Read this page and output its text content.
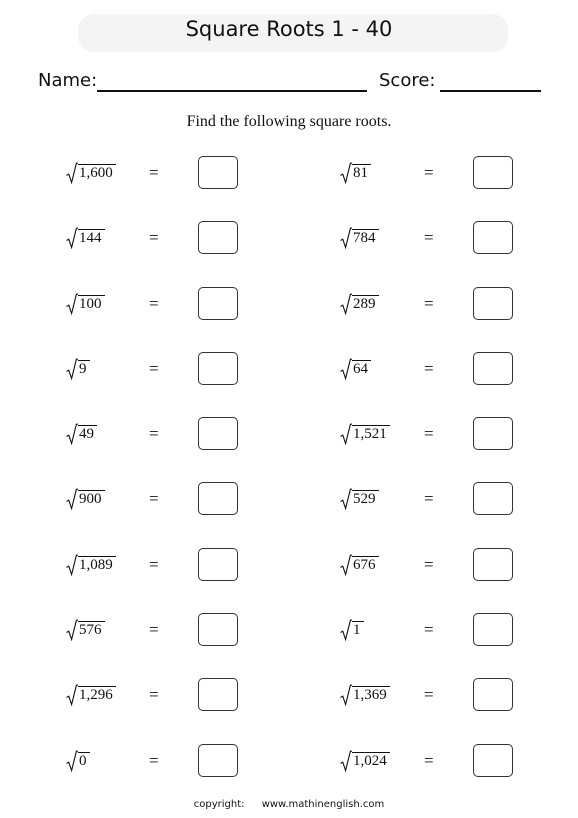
Square Roots 1 - 40
Name:	Score:
Find the following square roots.
1,600 =	81	=
144	=	784	=
100	=	289	=
9	=	64	=
49	=	1,521 =
900	=	529	=
1,089 =	676	=
576	=	1	=
1,296 =	1,369 =
0	=	1,024 =
copyright: www.mathinenglish.com
